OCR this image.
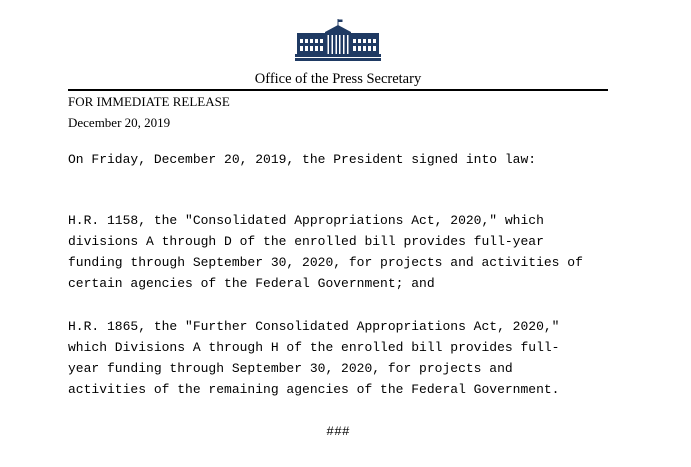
Office of the Press Secretary
FOR IMMEDIATE RELEASE
December 20, 2019
On Friday, December 20, 2019, the President signed into law:
H.R. 1158, the "Consolidated Appropriations Act, 2020," which
divisions A through D of the enrolled bill provides full-year
funding through September 30, 2020, for projects and activities of
certain agencies of the Federal Government; and
H.R. 1865, the "Further Consolidated Appropriations Act, 2020,"
which Divisions A through H of the enrolled bill provides full-
year funding through September 30, 2020, for projects and
activities of the remaining agencies of the Federal Government.
###
